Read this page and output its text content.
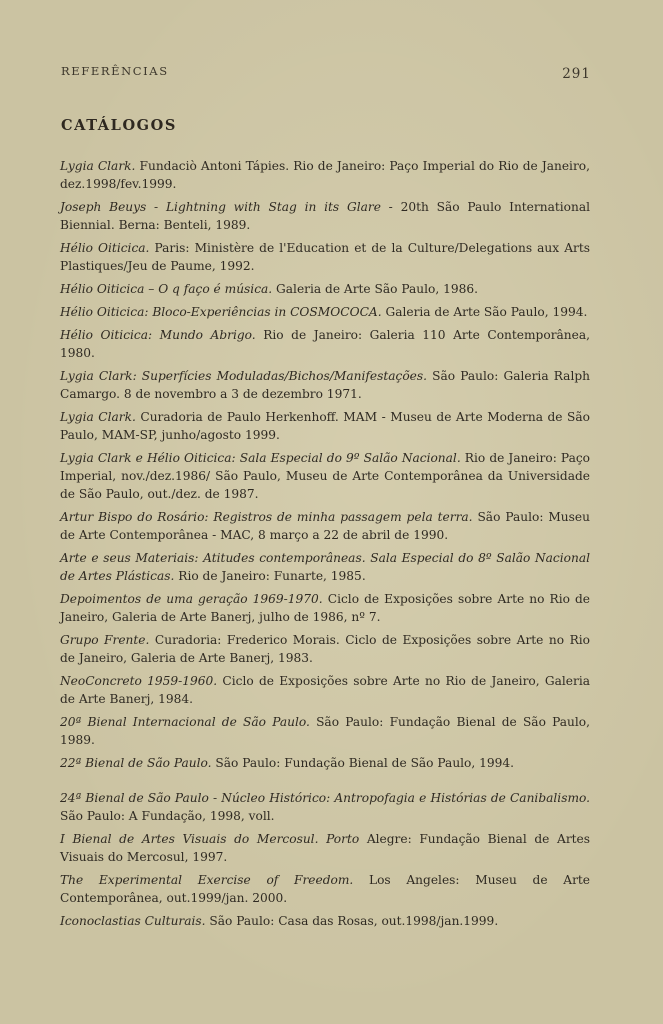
REFERÊNCIAS	291
CATÁLOGOS

Lygia Clark. Fundaciò Antoni Tápies. Rio de Janeiro: Paço Imperial do Rio de Janeiro, dez.1998/fev.1999.

Joseph Beuys - Lightning with Stag in its Glare - 20th São Paulo International Biennial. Berna: Benteli, 1989.

Hélio Oiticica. Paris: Ministère de l'Education et de la Culture/Delegations aux Arts Plastiques/Jeu de Paume, 1992.

Hélio Oiticica – O q faço é música. Galeria de Arte São Paulo, 1986.

Hélio Oiticica: Bloco-Experiências in COSMOCOCA. Galeria de Arte São Paulo, 1994.

Hélio Oiticica: Mundo Abrigo. Rio de Janeiro: Galeria 110 Arte Contemporânea, 1980.

Lygia Clark: Superfícies Moduladas/Bichos/Manifestações. São Paulo: Galeria Ralph Camargo. 8 de novembro a 3 de dezembro 1971.

Lygia Clark. Curadoria de Paulo Herkenhoff. MAM - Museu de Arte Moderna de São Paulo, MAM-SP, junho/agosto 1999.

Lygia Clark e Hélio Oiticica: Sala Especial do 9º Salão Nacional. Rio de Janeiro: Paço Imperial, nov./dez.1986/ São Paulo, Museu de Arte Contemporânea da Universidade de São Paulo, out./dez. de 1987.

Artur Bispo do Rosário: Registros de minha passagem pela terra. São Paulo: Museu de Arte Contemporânea - MAC, 8 março a 22 de abril de 1990.

Arte e seus Materiais: Atitudes contemporâneas. Sala Especial do 8º Salão Nacional de Artes Plásticas. Rio de Janeiro: Funarte, 1985.

Depoimentos de uma geração 1969-1970. Ciclo de Exposições sobre Arte no Rio de Janeiro, Galeria de Arte Banerj, julho de 1986, nº 7.

Grupo Frente. Curadoria: Frederico Morais. Ciclo de Exposições sobre Arte no Rio de Janeiro, Galeria de Arte Banerj, 1983.

NeoConcreto 1959-1960. Ciclo de Exposições sobre Arte no Rio de Janeiro, Galeria de Arte Banerj, 1984.

20ª Bienal Internacional de São Paulo. São Paulo: Fundação Bienal de São Paulo, 1989.

22ª Bienal de São Paulo. São Paulo: Fundação Bienal de São Paulo, 1994.

24ª Bienal de São Paulo - Núcleo Histórico: Antropofagia e Histórias de Canibalismo. São Paulo: A Fundação, 1998, voll.

I Bienal de Artes Visuais do Mercosul. Porto Alegre: Fundação Bienal de Artes Visuais do Mercosul, 1997.

The Experimental Exercise of Freedom. Los Angeles: Museu de Arte Contemporânea, out.1999/jan. 2000.

Iconoclastias Culturais. São Paulo: Casa das Rosas, out.1998/jan.1999.
